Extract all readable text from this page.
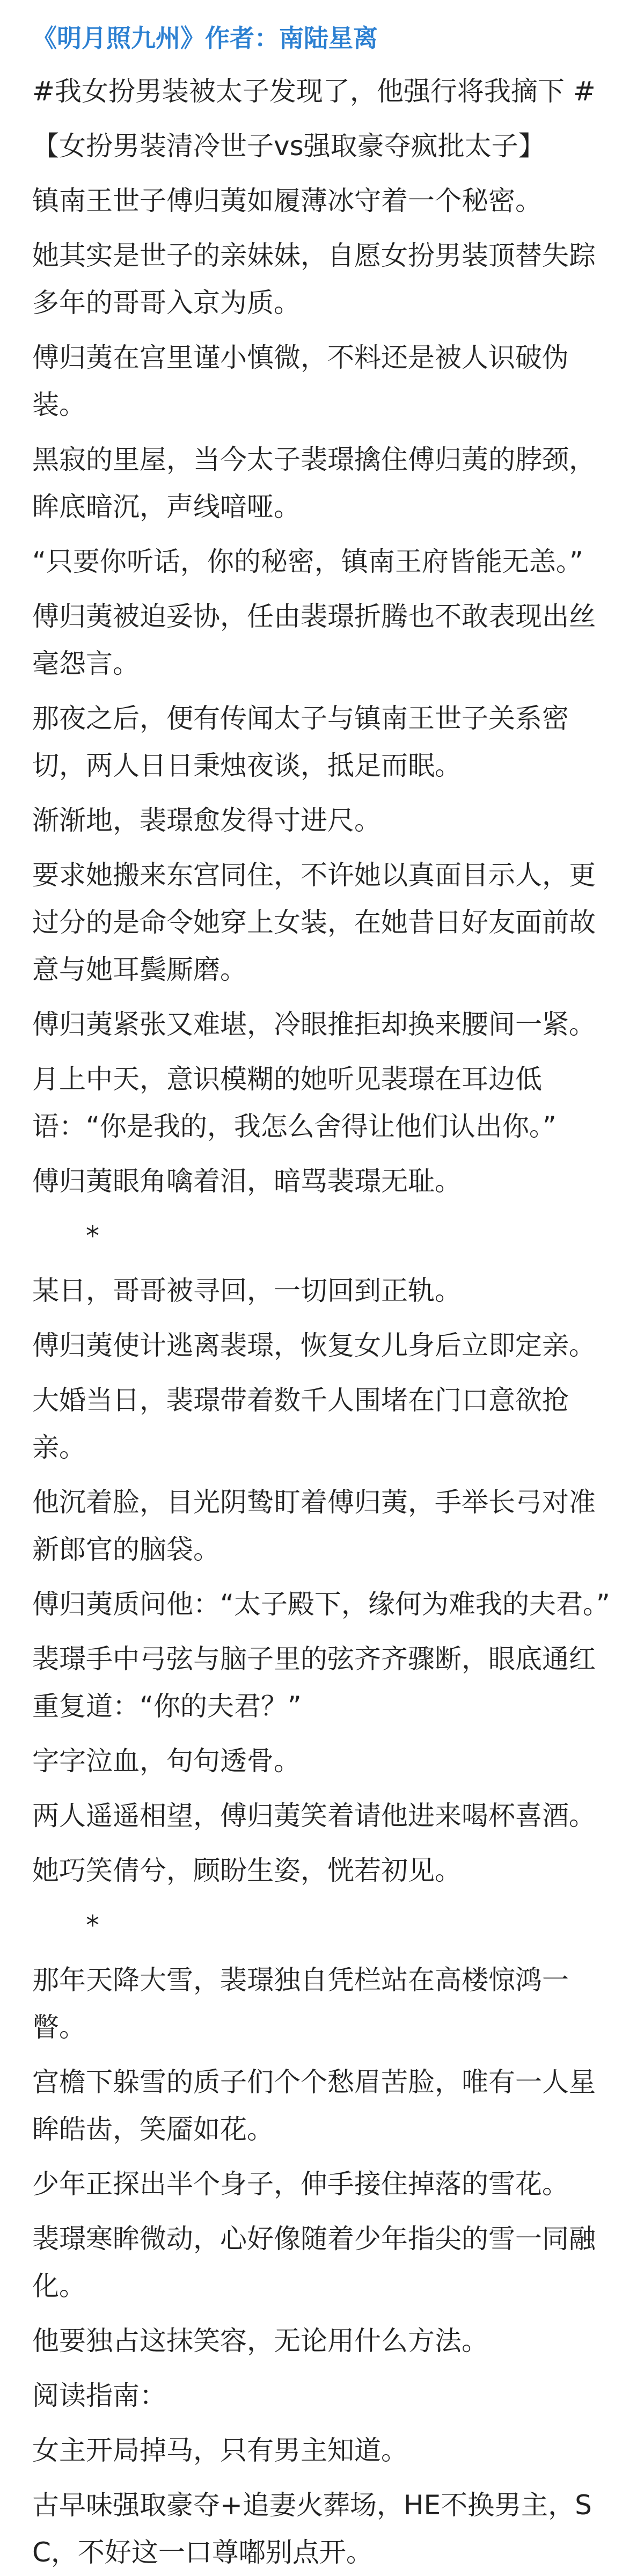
《明月照九州》作者：南陆星离
#我女扮男装被太子发现了，他强行将我摘下 #
【女扮男装清冷世子vs强取豪夺疯批太子】
镇南王世子傅归荑如履薄冰守着一个秘密。
她其实是世子的亲妹妹，自愿女扮男装顶替失踪多年的哥哥入京为质。
傅归荑在宫里谨小慎微，不料还是被人识破伪装。
黑寂的里屋，当今太子裴璟擒住傅归荑的脖颈，眸底暗沉，声线喑哑。
“只要你听话，你的秘密，镇南王府皆能无恙。”
傅归荑被迫妥协，任由裴璟折腾也不敢表现出丝毫怨言。
那夜之后，便有传闻太子与镇南王世子关系密切，两人日日秉烛夜谈，抵足而眠。
渐渐地，裴璟愈发得寸进尺。
要求她搬来东宫同住，不许她以真面目示人，更过分的是命令她穿上女装，在她昔日好友面前故意与她耳鬓厮磨。
傅归荑紧张又难堪，冷眼推拒却换来腰间一紧。
月上中天，意识模糊的她听见裴璟在耳边低语：“你是我的，我怎么舍得让他们认出你。”
傅归荑眼角噙着泪，暗骂裴璟无耻。
*
某日，哥哥被寻回，一切回到正轨。
傅归荑使计逃离裴璟，恢复女儿身后立即定亲。
大婚当日，裴璟带着数千人围堵在门口意欲抢亲。
他沉着脸，目光阴鸷盯着傅归荑，手举长弓对准新郎官的脑袋。
傅归荑质问他：“太子殿下，缘何为难我的夫君。”
裴璟手中弓弦与脑子里的弦齐齐骤断，眼底通红重复道：“你的夫君？”
字字泣血，句句透骨。
两人遥遥相望，傅归荑笑着请他进来喝杯喜酒。
她巧笑倩兮，顾盼生姿，恍若初见。
*
那年天降大雪，裴璟独自凭栏站在高楼惊鸿一瞥。
宫檐下躲雪的质子们个个愁眉苦脸，唯有一人星眸皓齿，笑靥如花。
少年正探出半个身子，伸手接住掉落的雪花。
裴璟寒眸微动，心好像随着少年指尖的雪一同融化。
他要独占这抹笑容，无论用什么方法。
阅读指南：
女主开局掉马，只有男主知道。
古早味强取豪夺+追妻火葬场，HE不换男主，SC，不好这一口尊嘟别点开。
